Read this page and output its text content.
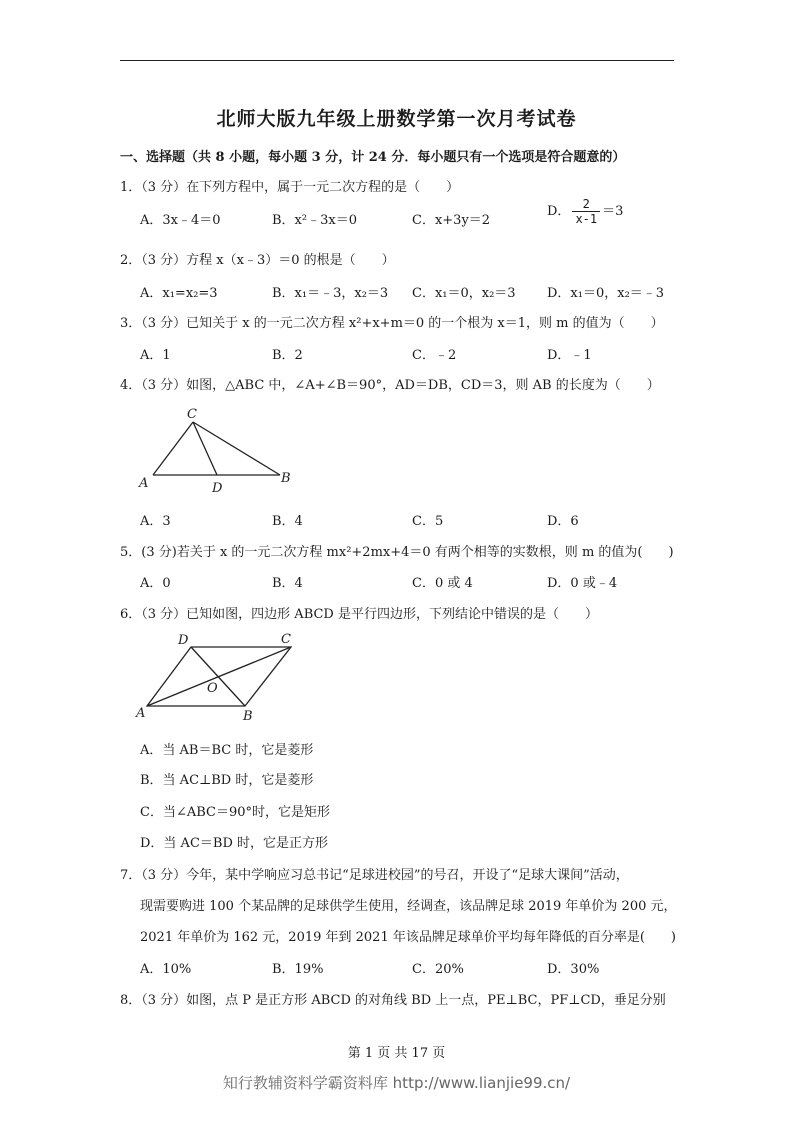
北师大版九年级上册数学第一次月考试卷
一、选择题（共 8 小题，每小题 3 分，计 24 分．每小题只有一个选项是符合题意的）
1．（3 分）在下列方程中，属于一元二次方程的是（　　）
A．3x﹣4＝0	B．x²﹣3x＝0	C．x+3y＝2
D． $\frac{2}{x-1} =3$
2．（3 分）方程 x（x﹣3）＝0 的根是（　　）
A．x₁=x₂=3	B．x₁＝﹣3，x₂＝3 C．x₁＝0，x₂＝3 D．x₁＝0，x₂＝﹣3
3．（3 分）已知关于 x 的一元二次方程 x²+x+m＝0 的一个根为 x＝1，则 m 的值为（　　）
A．1	B．2	C．﹣2	D．﹣1
4．（3 分）如图，△ABC 中，∠A+∠B＝90°，AD＝DB，CD＝3，则 AB 的长度为（　　）
A
C
B
D
A．3	B．4	C．5	D．6
5．(3 分)若关于 x 的一元二次方程 mx²+2mx+4＝0 有两个相等的实数根，则 m 的值为(　　)
A．0	B．4	C．0 或 4	D．0 或﹣4
6．（3 分）已知如图，四边形 ABCD 是平行四边形，下列结论中错误的是（　　）
A	B
C
D
O
A．当 AB＝BC 时，它是菱形
B．当 AC⊥BD 时，它是菱形
C．当∠ABC＝90°时，它是矩形
D．当 AC＝BD 时，它是正方形
7．（3 分）今年，某中学响应习总书记“足球进校园”的号召，开设了“足球大课间”活动，
现需要购进 100 个某品牌的足球供学生使用，经调查，该品牌足球 2019 年单价为 200 元，
2021 年单价为 162 元，2019 年到 2021 年该品牌足球单价平均每年降低的百分率是(　　)
A．10%	B．19%	C．20%	D．30%
8．（3 分）如图，点 P 是正方形 ABCD 的对角线 BD 上一点，PE⊥BC，PF⊥CD，垂足分别
第 1 页 共 17 页
知行教辅资料学霸资料库 http://www.lianjie99.cn/
